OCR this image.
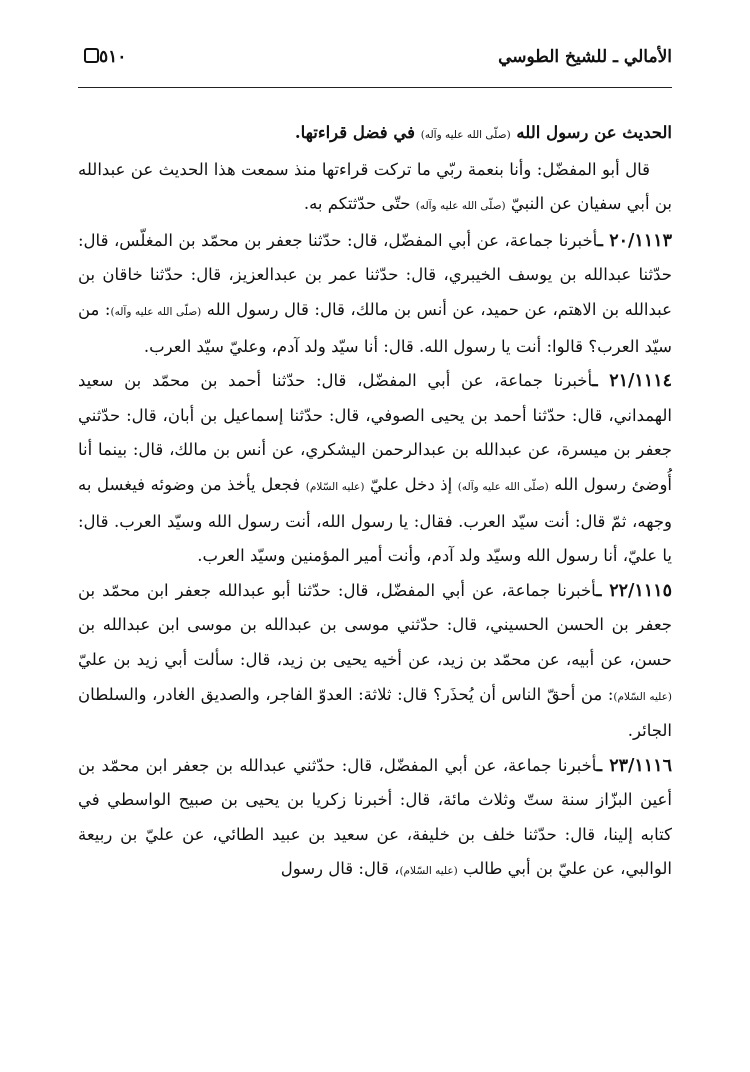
الأمالي ـ للشيخ الطوسي
٥١٠

الحديث عن رسول الله (صلّى الله عليه وآله) في فضل قراءتها.

قال أبو المفضّل: وأنا بنعمة ربّي ما تركت قراءتها منذ سمعت هذا الحديث عن عبدالله بن أبي سفيان عن النبيّ (صلّى الله عليه وآله) حتّى حدّثتكم به.

٢٠/١١١٣ ـأخبرنا جماعة، عن أبي المفضّل، قال: حدّثنا جعفر بن محمّد بن المغلّس، قال: حدّثنا عبدالله بن يوسف الخيبري، قال: حدّثنا عمر بن عبدالعزيز، قال: حدّثنا خاقان بن عبدالله بن الاهتم، عن حميد، عن أنس بن مالك، قال: قال رسول الله (صلّى الله عليه وآله): من سيّد العرب؟ قالوا: أنت يا رسول الله. قال: أنا سيّد ولد آدم، وعليّ سيّد العرب.

٢١/١١١٤ ـأخبرنا جماعة، عن أبي المفضّل، قال: حدّثنا أحمد بن محمّد بن سعيد الهمداني، قال: حدّثنا أحمد بن يحيى الصوفي، قال: حدّثنا إسماعيل بن أبان، قال: حدّثني جعفر بن ميسرة، عن عبدالله بن عبدالرحمن اليشكري، عن أنس بن مالك، قال: بينما أنا أُوضئ رسول الله (صلّى الله عليه وآله) إذ دخل عليّ (عليه السّلام) فجعل يأخذ من وضوئه فيغسل به وجهه، ثمّ قال: أنت سيّد العرب. فقال: يا رسول الله، أنت رسول الله وسيّد العرب. قال: يا عليّ، أنا رسول الله وسيّد ولد آدم، وأنت أمير المؤمنين وسيّد العرب.

٢٢/١١١٥ ـأخبرنا جماعة، عن أبي المفضّل، قال: حدّثنا أبو عبدالله جعفر ابن محمّد بن جعفر بن الحسن الحسيني، قال: حدّثني موسى بن عبدالله بن موسى ابن عبدالله بن حسن، عن أبيه، عن محمّد بن زيد، عن أخيه يحيى بن زيد، قال: سألت أبي زيد بن عليّ (عليه السّلام): من أحقّ الناس أن يُحذَر؟ قال: ثلاثة: العدوّ الفاجر، والصديق الغادر، والسلطان الجائر.

٢٣/١١١٦ ـأخبرنا جماعة، عن أبي المفضّل، قال: حدّثني عبدالله بن جعفر ابن محمّد بن أعين البزّاز سنة ستّ وثلاث مائة، قال: أخبرنا زكريا بن يحيى بن صبيح الواسطي في كتابه إلينا، قال: حدّثنا خلف بن خليفة، عن سعيد بن عبيد الطائي، عن عليّ بن ربيعة الوالبي، عن عليّ بن أبي طالب (عليه السّلام)، قال: قال رسول
